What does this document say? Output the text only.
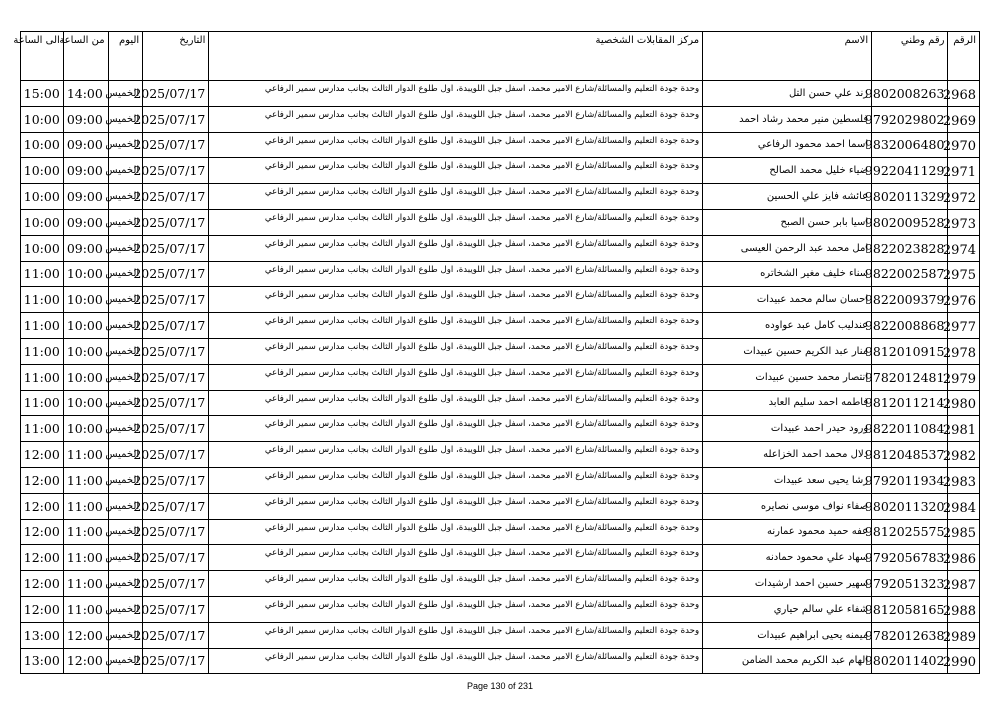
الرقم	رقم وطني	الاسم	مركز المقابلات الشخصية	التاريخ	اليوم	من الساعة	الى الساعة
2968	9802008263	رند علي حسن التل	وحدة جودة التعليم والمسائلة/شارع الامير محمد، اسفل جبل اللويبدة، اول طلوع الدوار الثالث بجانب مدارس سمير الرفاعي	2025/07/17	الخميس	14:00	15:00
2969	9792029802	فلسطين منير محمد رشاد احمد	وحدة جودة التعليم والمسائلة/شارع الامير محمد، اسفل جبل اللويبدة، اول طلوع الدوار الثالث بجانب مدارس سمير الرفاعي	2025/07/17	الخميس	09:00	10:00
2970	9832006480	اسما احمد محمود الرفاعي	وحدة جودة التعليم والمسائلة/شارع الامير محمد، اسفل جبل اللويبدة، اول طلوع الدوار الثالث بجانب مدارس سمير الرفاعي	2025/07/17	الخميس	09:00	10:00
2971	9922041129	ضياء خليل محمد الصالح	وحدة جودة التعليم والمسائلة/شارع الامير محمد، اسفل جبل اللويبدة، اول طلوع الدوار الثالث بجانب مدارس سمير الرفاعي	2025/07/17	الخميس	09:00	10:00
2972	9802011329	عائشه فايز علي الحسين	وحدة جودة التعليم والمسائلة/شارع الامير محمد، اسفل جبل اللويبدة، اول طلوع الدوار الثالث بجانب مدارس سمير الرفاعي	2025/07/17	الخميس	09:00	10:00
2973	9802009528	اسيا بابر حسن الصبح	وحدة جودة التعليم والمسائلة/شارع الامير محمد، اسفل جبل اللويبدة، اول طلوع الدوار الثالث بجانب مدارس سمير الرفاعي	2025/07/17	الخميس	09:00	10:00
2974	9822023828	امل محمد عبد الرحمن العيسى	وحدة جودة التعليم والمسائلة/شارع الامير محمد، اسفل جبل اللويبدة، اول طلوع الدوار الثالث بجانب مدارس سمير الرفاعي	2025/07/17	الخميس	09:00	10:00
2975	9822002587	سناء خليف مغير الشخاتره	وحدة جودة التعليم والمسائلة/شارع الامير محمد، اسفل جبل اللويبدة، اول طلوع الدوار الثالث بجانب مدارس سمير الرفاعي	2025/07/17	الخميس	10:00	11:00
2976	9822009379	احسان سالم محمد عبيدات	وحدة جودة التعليم والمسائلة/شارع الامير محمد، اسفل جبل اللويبدة، اول طلوع الدوار الثالث بجانب مدارس سمير الرفاعي	2025/07/17	الخميس	10:00	11:00
2977	9822008868	عندليب كامل عبد عواوده	وحدة جودة التعليم والمسائلة/شارع الامير محمد، اسفل جبل اللويبدة، اول طلوع الدوار الثالث بجانب مدارس سمير الرفاعي	2025/07/17	الخميس	10:00	11:00
2978	9812010915	منار عبد الكريم حسين عبيدات	وحدة جودة التعليم والمسائلة/شارع الامير محمد، اسفل جبل اللويبدة، اول طلوع الدوار الثالث بجانب مدارس سمير الرفاعي	2025/07/17	الخميس	10:00	11:00
2979	9782012481	انتصار محمد حسين عبيدات	وحدة جودة التعليم والمسائلة/شارع الامير محمد، اسفل جبل اللويبدة، اول طلوع الدوار الثالث بجانب مدارس سمير الرفاعي	2025/07/17	الخميس	10:00	11:00
2980	9812011214	فاطمه احمد سليم العابد	وحدة جودة التعليم والمسائلة/شارع الامير محمد، اسفل جبل اللويبدة، اول طلوع الدوار الثالث بجانب مدارس سمير الرفاعي	2025/07/17	الخميس	10:00	11:00
2981	9822011084	ورود حيدر احمد عبيدات	وحدة جودة التعليم والمسائلة/شارع الامير محمد، اسفل جبل اللويبدة، اول طلوع الدوار الثالث بجانب مدارس سمير الرفاعي	2025/07/17	الخميس	10:00	11:00
2982	9812048537	دلال محمد احمد الخزاعله	وحدة جودة التعليم والمسائلة/شارع الامير محمد، اسفل جبل اللويبدة، اول طلوع الدوار الثالث بجانب مدارس سمير الرفاعي	2025/07/17	الخميس	11:00	12:00
2983	9792011934	رشا يحيى سعد عبيدات	وحدة جودة التعليم والمسائلة/شارع الامير محمد، اسفل جبل اللويبدة، اول طلوع الدوار الثالث بجانب مدارس سمير الرفاعي	2025/07/17	الخميس	11:00	12:00
2984	9802011320	صفاء نواف موسى نصايره	وحدة جودة التعليم والمسائلة/شارع الامير محمد، اسفل جبل اللويبدة، اول طلوع الدوار الثالث بجانب مدارس سمير الرفاعي	2025/07/17	الخميس	11:00	12:00
2985	9812025575	عفه حميد محمود عمارنه	وحدة جودة التعليم والمسائلة/شارع الامير محمد، اسفل جبل اللويبدة، اول طلوع الدوار الثالث بجانب مدارس سمير الرفاعي	2025/07/17	الخميس	11:00	12:00
2986	9792056783	سهاد علي محمود حمادنه	وحدة جودة التعليم والمسائلة/شارع الامير محمد، اسفل جبل اللويبدة، اول طلوع الدوار الثالث بجانب مدارس سمير الرفاعي	2025/07/17	الخميس	11:00	12:00
2987	9792051323	سهير حسين احمد ارشيدات	وحدة جودة التعليم والمسائلة/شارع الامير محمد، اسفل جبل اللويبدة، اول طلوع الدوار الثالث بجانب مدارس سمير الرفاعي	2025/07/17	الخميس	11:00	12:00
2988	9812058165	شفاء علي سالم حياري	وحدة جودة التعليم والمسائلة/شارع الامير محمد، اسفل جبل اللويبدة، اول طلوع الدوار الثالث بجانب مدارس سمير الرفاعي	2025/07/17	الخميس	11:00	12:00
2989	9782012638	ميمنه يحيى ابراهيم عبيدات	وحدة جودة التعليم والمسائلة/شارع الامير محمد، اسفل جبل اللويبدة، اول طلوع الدوار الثالث بجانب مدارس سمير الرفاعي	2025/07/17	الخميس	12:00	13:00
2990	9802011402	الهام عبد الكريم محمد الضامن	وحدة جودة التعليم والمسائلة/شارع الامير محمد، اسفل جبل اللويبدة، اول طلوع الدوار الثالث بجانب مدارس سمير الرفاعي	2025/07/17	الخميس	12:00	13:00
Page 130 of 231
